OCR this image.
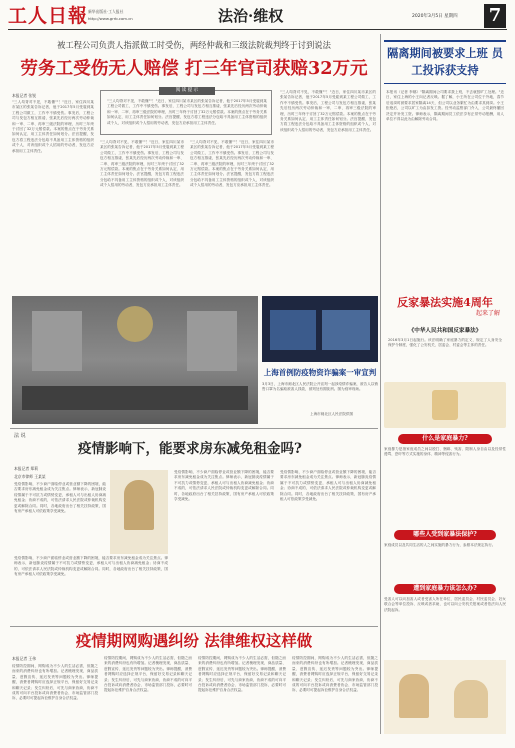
工人日報 新华出版社·工人报社
http://www.grrb.com.cn	法治·维权	2020年3月5日 星期四 7
被工程公司负责人指派做工时受伤，两经仲裁和三级法院裁判终于讨到说法
劳务工受伤无人赔偿 打三年官司获赔32万元
本报记者 张锐
"三人均背对不见，不敢懂""！"近日，家住四川某市某区的张某告诉记者，他于2017年5月受雇到某工程公司做工，工作中不慎受伤。事发后，工程公司与发包方相互推诿，张某先后经历两次劳动仲裁和一审、二审、再审三级法院的审理，历时三年终于讨回了32万元赔偿款。本案的焦点在于劳务关系如何认定、用工主体责任如何划分。法官提醒，发包方将工程违法分包给不具备用工主体资格的组织或个人，对该组织或个人招用的劳动者，发包方应承担用工主体责任。
阅 读 提 示
"三人均背对不见，不敢懂""！"近日，家住四川某市某区的张某告诉记者，他于2017年5月受雇到某工程公司做工，工作中不慎受伤。事发后，工程公司与发包方相互推诿，张某先后经历两次劳动仲裁和一审、二审、再审三级法院的审理，历时三年终于讨回了32万元赔偿款。本案的焦点在于劳务关系如何认定、用工主体责任如何划分。法官提醒，发包方将工程违法分包给不具备用工主体资格的组织或个人，对该组织或个人招用的劳动者，发包方应承担用工主体责任。
"三人均背对不见，不敢懂""！"近日，家住四川某市某区的张某告诉记者，他于2017年5月受雇到某工程公司做工，工作中不慎受伤。事发后，工程公司与发包方相互推诿，张某先后经历两次劳动仲裁和一审、二审、再审三级法院的审理，历时三年终于讨回了32万元赔偿款。本案的焦点在于劳务关系如何认定、用工主体责任如何划分。法官提醒，发包方将工程违法分包给不具备用工主体资格的组织或个人，对该组织或个人招用的劳动者，发包方应承担用工主体责任。
"三人均背对不见，不敢懂""！"近日，家住四川某市某区的张某告诉记者，他于2017年5月受雇到某工程公司做工，工作中不慎受伤。事发后，工程公司与发包方相互推诿，张某先后经历两次劳动仲裁和一审、二审、再审三级法院的审理，历时三年终于讨回了32万元赔偿款。本案的焦点在于劳务关系如何认定、用工主体责任如何划分。法官提醒，发包方将工程违法分包给不具备用工主体资格的组织或个人，对该组织或个人招用的劳动者，发包方应承担用工主体责任。
"三人均背对不见，不敢懂""！"近日，家住四川某市某区的张某告诉记者，他于2017年5月受雇到某工程公司做工，工作中不慎受伤。事发后，工程公司与发包方相互推诿，张某先后经历两次劳动仲裁和一审、二审、再审三级法院的审理，历时三年终于讨回了32万元赔偿款。本案的焦点在于劳务关系如何认定、用工主体责任如何划分。法官提醒，发包方将工程违法分包给不具备用工主体资格的组织或个人，对该组织或个人招用的劳动者，发包方应承担用工主体责任。
隔离期间被要求上班 员工投诉获支持
本报讯（记者 李娜）"隔离期间公司要求我上班，不去就按旷工处理。"近日，家住上海的小王向记者反映。据了解，小王所在公司位于外地，春节后返岗时被要求居家隔离14天，但公司以业务繁忙为由要求其到岗。小王拒绝后，公司以旷工为由扣发工资。经劳动监察部门介入，公司最终撤回决定并补发工资。律师表示，隔离期间员工依法享有正常劳动报酬，用人单位不得以此为由解除劳动合同。
上海首例防疫物资诈骗案一审宣判
3月3日，上海市闸北区人民法院公开宣判一起涉疫情诈骗案，被告人以销售口罩为名骗取被害人钱款，被判处有期徒刑。图为庭审现场。
上海市闸北区人民法院供图
反家暴法实施4周年
起来了解
《中华人民共和国反家暴法》
2016年3月1日起施行。该法明确了家庭暴力的定义，规定了人身安全保护令制度，强化了公安机关、居委会、村委会等主体的责任。
什么是家庭暴力?
家庭暴力是指家庭成员之间以殴打、捆绑、残害、限制人身自由以及经常性谩骂、恐吓等方式实施的身体、精神等侵害行为。
哪些人受到家暴法保护?
家庭成员以及共同生活的人之间实施的暴力行为，参照本法规定执行。
遭到家庭暴力该怎么办?
受害人可以向加害人或者受害人所在单位、居民委员会、村民委员会、妇女联合会等单位投诉、反映或者求助，也可以向公安机关报案或者依法向人民法院起诉。
法 说
疫情影响下，能要求房东减免租金吗?
本报记者 郑莉
北京市律师 王某某
受疫情影响，不少商户面临停业或营业额下降的困境，能否要求房东减免租金成为关注焦点。律师表示，新冠肺炎疫情属于不可抗力或情势变更，承租人可与出租人协商减免租金；协商不成的，可依法请求人民法院或仲裁机构变更或解除合同。同时，各地政府出台了相关扶持政策，国有房产承租人可依政策享受减免。
受疫情影响，不少商户面临停业或营业额下降的困境，能否要求房东减免租金成为关注焦点。律师表示，新冠肺炎疫情属于不可抗力或情势变更，承租人可与出租人协商减免租金；协商不成的，可依法请求人民法院或仲裁机构变更或解除合同。同时，各地政府出台了相关扶持政策，国有房产承租人可依政策享受减免。
受疫情影响，不少商户面临停业或营业额下降的困境，能否要求房东减免租金成为关注焦点。律师表示，新冠肺炎疫情属于不可抗力或情势变更，承租人可与出租人协商减免租金；协商不成的，可依法请求人民法院或仲裁机构变更或解除合同。同时，各地政府出台了相关扶持政策，国有房产承租人可依政策享受减免。
受疫情影响，不少商户面临停业或营业额下降的困境，能否要求房东减免租金成为关注焦点。律师表示，新冠肺炎疫情属于不可抗力或情势变更，承租人可与出租人协商减免租金；协商不成的，可依法请求人民法院或仲裁机构变更或解除合同。同时，各地政府出台了相关扶持政策，国有房产承租人可依政策享受减免。
疫情期网购遇纠纷 法律维权这样做
本报记者 王伟
疫情防控期间，网购成为不少人的生活必需，但随之而来的消费纠纷也有所增加。记者梳理发现，商品质量、虚假宣传、延迟发货等问题较为突出。律师提醒，消费者网购时应选择正规平台，保留好交易记录和聊天记录；发生纠纷后，可先与商家协商，协商不成的可向平台投诉或向消费者协会、市场监管部门投诉，必要时可提起诉讼维护自身合法权益。
疫情防控期间，网购成为不少人的生活必需，但随之而来的消费纠纷也有所增加。记者梳理发现，商品质量、虚假宣传、延迟发货等问题较为突出。律师提醒，消费者网购时应选择正规平台，保留好交易记录和聊天记录；发生纠纷后，可先与商家协商，协商不成的可向平台投诉或向消费者协会、市场监管部门投诉，必要时可提起诉讼维护自身合法权益。
疫情防控期间，网购成为不少人的生活必需，但随之而来的消费纠纷也有所增加。记者梳理发现，商品质量、虚假宣传、延迟发货等问题较为突出。律师提醒，消费者网购时应选择正规平台，保留好交易记录和聊天记录；发生纠纷后，可先与商家协商，协商不成的可向平台投诉或向消费者协会、市场监管部门投诉，必要时可提起诉讼维护自身合法权益。
疫情防控期间，网购成为不少人的生活必需，但随之而来的消费纠纷也有所增加。记者梳理发现，商品质量、虚假宣传、延迟发货等问题较为突出。律师提醒，消费者网购时应选择正规平台，保留好交易记录和聊天记录；发生纠纷后，可先与商家协商，协商不成的可向平台投诉或向消费者协会、市场监管部门投诉，必要时可提起诉讼维护自身合法权益。
